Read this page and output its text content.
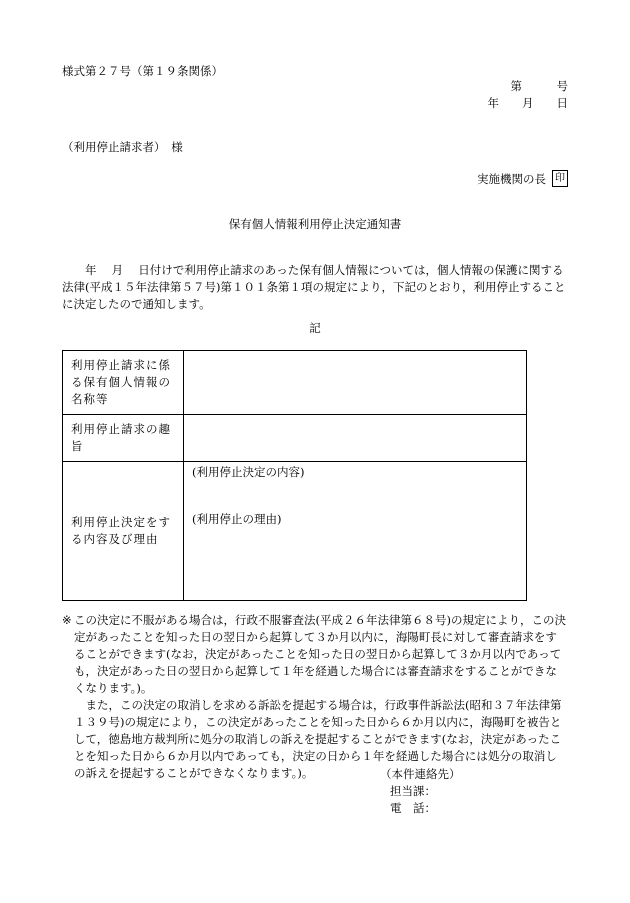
様式第２７号（第１９条関係）
第　　　号
年　　月　　日
（利用停止請求者）　様
実施機関の長 印
保有個人情報利用停止決定通知書
　　年　 月　 日付けで利用停止請求のあった保有個人情報については，個人情報の保護に関する法律(平成１５年法律第５７号)第１０１条第１項の規定により，下記のとおり，利用停止することに決定したので通知します。
記
利用停止請求に係る保有個人情報の名称等	
利用停止請求の趣旨	
利用停止決定をする内容及び理由	(利用停止決定の内容)
(利用停止の理由)
※ この決定に不服がある場合は，行政不服審査法(平成２６年法律第６８号)の規定により，この決定があったことを知った日の翌日から起算して３か月以内に，海陽町長に対して審査請求をすることができます(なお，決定があったことを知った日の翌日から起算して３か月以内であっても，決定があった日の翌日から起算して１年を経過した場合には審査請求をすることができなくなります。)。
また，この決定の取消しを求める訴訟を提起する場合は，行政事件訴訟法(昭和３７年法律第１３９号)の規定により，この決定があったことを知った日から６か月以内に，海陽町を被告として，徳島地方裁判所に処分の取消しの訴えを提起することができます(なお，決定があったことを知った日から６か月以内であっても，決定の日から１年を経過した場合には処分の取消しの訴えを提起することができなくなります。)。	（本件連絡先）
担当課：
電　話：
